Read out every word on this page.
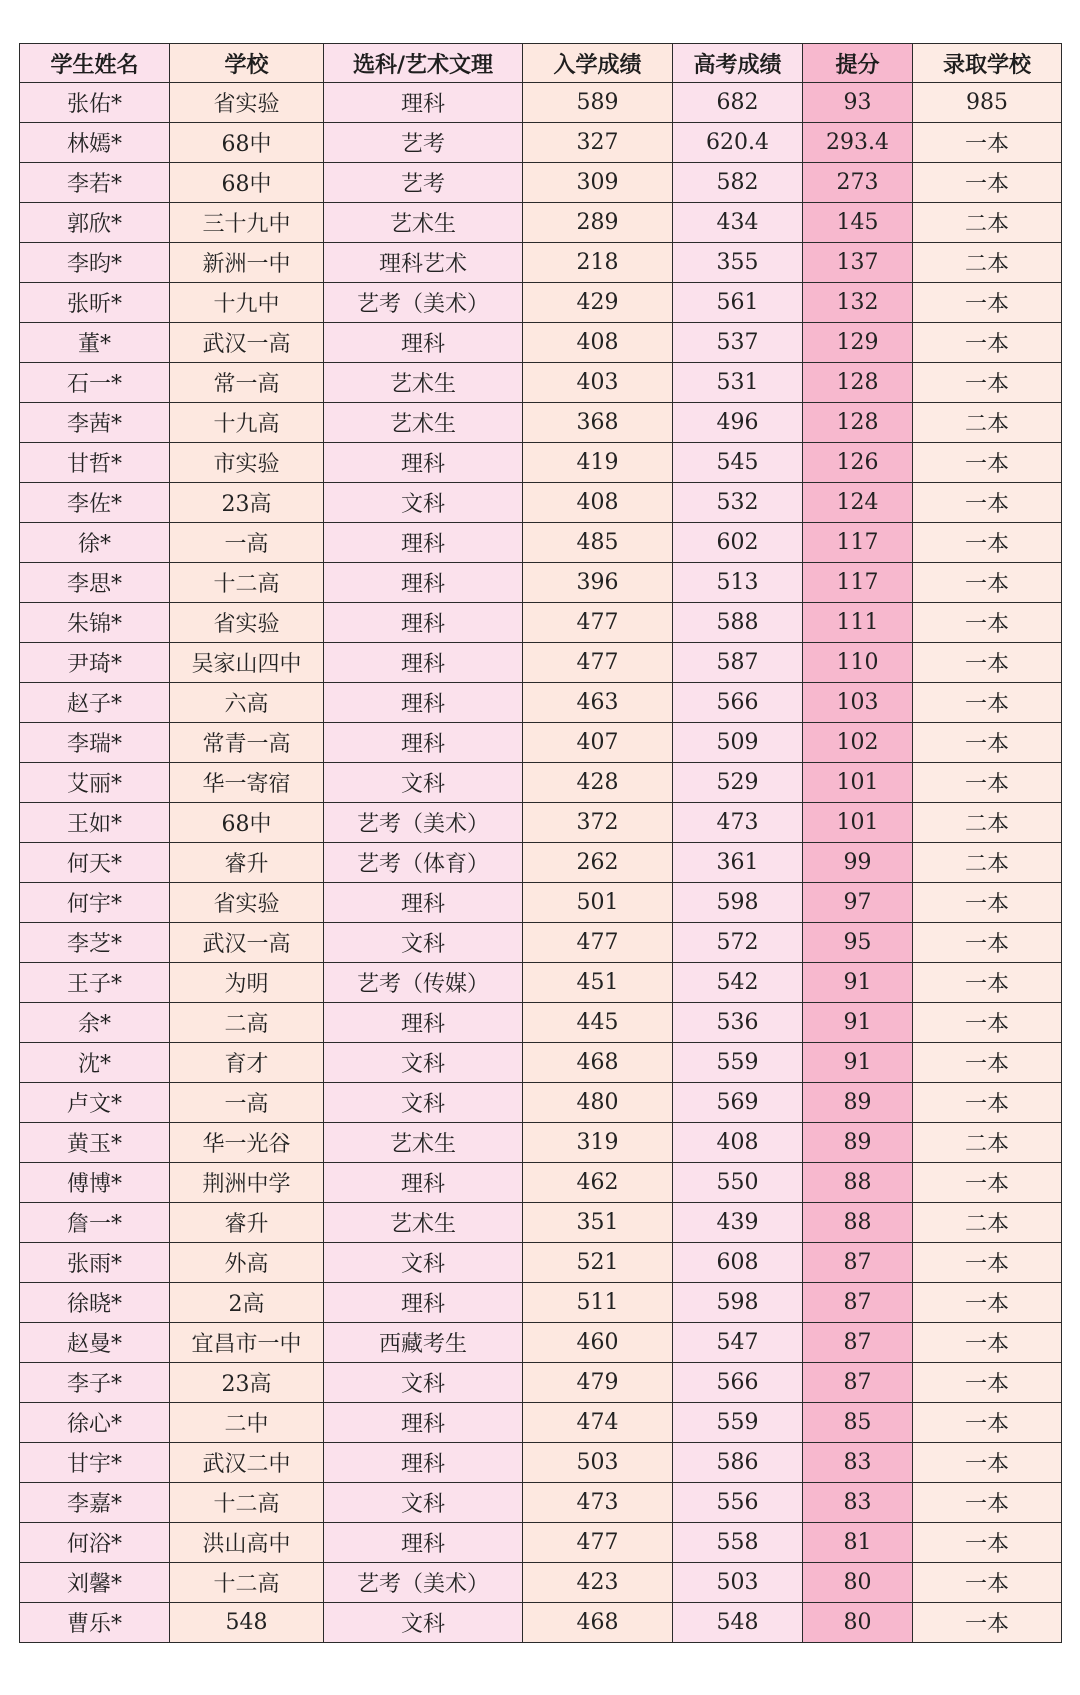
学生姓名	学校	选科/艺术文理	入学成绩	高考成绩	提分	录取学校
张佑*	省实验	理科	589	682	93	985
林嫣*	68中	艺考	327	620.4	293.4	一本
李若*	68中	艺考	309	582	273	一本
郭欣*	三十九中	艺术生	289	434	145	二本
李昀*	新洲一中	理科艺术	218	355	137	二本
张昕*	十九中	艺考（美术）	429	561	132	一本
董*	武汉一高	理科	408	537	129	一本
石一*	常一高	艺术生	403	531	128	一本
李茜*	十九高	艺术生	368	496	128	二本
甘哲*	市实验	理科	419	545	126	一本
李佐*	23高	文科	408	532	124	一本
徐*	一高	理科	485	602	117	一本
李思*	十二高	理科	396	513	117	一本
朱锦*	省实验	理科	477	588	111	一本
尹琦*	吴家山四中	理科	477	587	110	一本
赵子*	六高	理科	463	566	103	一本
李瑞*	常青一高	理科	407	509	102	一本
艾丽*	华一寄宿	文科	428	529	101	一本
王如*	68中	艺考（美术）	372	473	101	二本
何天*	睿升	艺考（体育）	262	361	99	二本
何宇*	省实验	理科	501	598	97	一本
李芝*	武汉一高	文科	477	572	95	一本
王子*	为明	艺考（传媒）	451	542	91	一本
余*	二高	理科	445	536	91	一本
沈*	育才	文科	468	559	91	一本
卢文*	一高	文科	480	569	89	一本
黄玉*	华一光谷	艺术生	319	408	89	二本
傅博*	荆洲中学	理科	462	550	88	一本
詹一*	睿升	艺术生	351	439	88	二本
张雨*	外高	文科	521	608	87	一本
徐晓*	2高	理科	511	598	87	一本
赵曼*	宜昌市一中	西藏考生	460	547	87	一本
李子*	23高	文科	479	566	87	一本
徐心*	二中	理科	474	559	85	一本
甘宇*	武汉二中	理科	503	586	83	一本
李嘉*	十二高	文科	473	556	83	一本
何浴*	洪山高中	理科	477	558	81	一本
刘馨*	十二高	艺考（美术）	423	503	80	一本
曹乐*	548	文科	468	548	80	一本
